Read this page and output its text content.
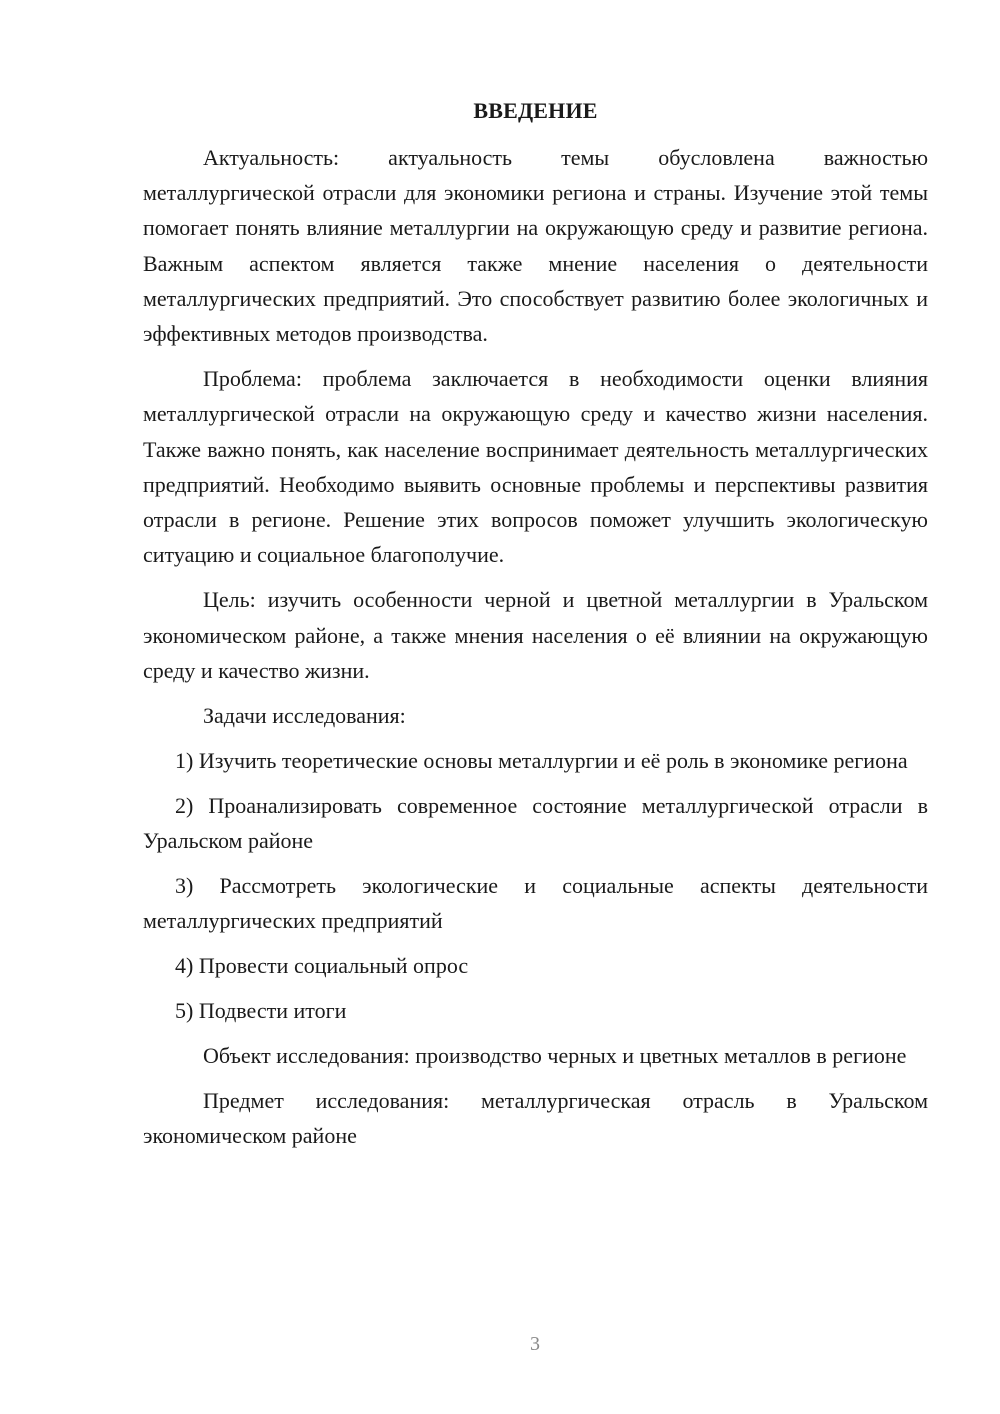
ВВЕДЕНИЕ

Актуальность: актуальность темы обусловлена важностью металлургической отрасли для экономики региона и страны. Изучение этой темы помогает понять влияние металлургии на окружающую среду и развитие региона. Важным аспектом является также мнение населения о деятельности металлургических предприятий. Это способствует развитию более экологичных и эффективных методов производства.

Проблема: проблема заключается в необходимости оценки влияния металлургической отрасли на окружающую среду и качество жизни населения. Также важно понять, как население воспринимает деятельность металлургических предприятий. Необходимо выявить основные проблемы и перспективы развития отрасли в регионе. Решение этих вопросов поможет улучшить экологическую ситуацию и социальное благополучие.

Цель: изучить особенности черной и цветной металлургии в Уральском экономическом районе, а также мнения населения о её влиянии на окружающую среду и качество жизни.

Задачи исследования:

1) Изучить теоретические основы металлургии и её роль в экономике региона

2) Проанализировать современное состояние металлургической отрасли в Уральском районе

3) Рассмотреть экологические и социальные аспекты деятельности металлургических предприятий

4) Провести социальный опрос

5) Подвести итоги

Объект исследования: производство черных и цветных металлов в регионе

Предмет исследования: металлургическая отрасль в Уральском экономическом районе

3
